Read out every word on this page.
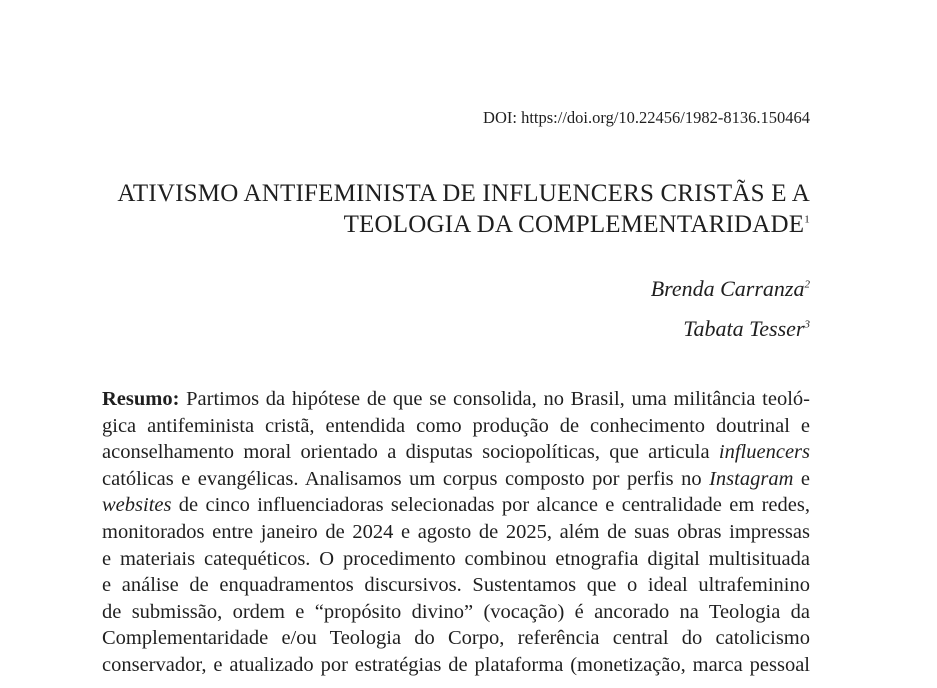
DOI: https://doi.org/10.22456/1982-8136.150464
ATIVISMO ANTIFEMINISTA DE INFLUENCERS CRISTÃS E A
TEOLOGIA DA COMPLEMENTARIDADE$^1$
Brenda Carranza$^2$
Tabata Tesser$^3$
Resumo: Partimos da hipótese de que se consolida, no Brasil, uma militância teoló-
gica antifeminista cristã, entendida como produção de conhecimento doutrinal e
aconselhamento moral orientado a disputas sociopolíticas, que articula influencers
católicas e evangélicas. Analisamos um corpus composto por perfis no Instagram e
websites de cinco influenciadoras selecionadas por alcance e centralidade em redes,
monitorados entre janeiro de 2024 e agosto de 2025, além de suas obras impressas
e materiais catequéticos. O procedimento combinou etnografia digital multisituada
e análise de enquadramentos discursivos. Sustentamos que o ideal ultrafeminino
de submissão, ordem e “propósito divino” (vocação) é ancorado na Teologia da
Complementaridade e/ou Teologia do Corpo, referência central do catolicismo
conservador, e atualizado por estratégias de plataforma (monetização, marca pessoal
